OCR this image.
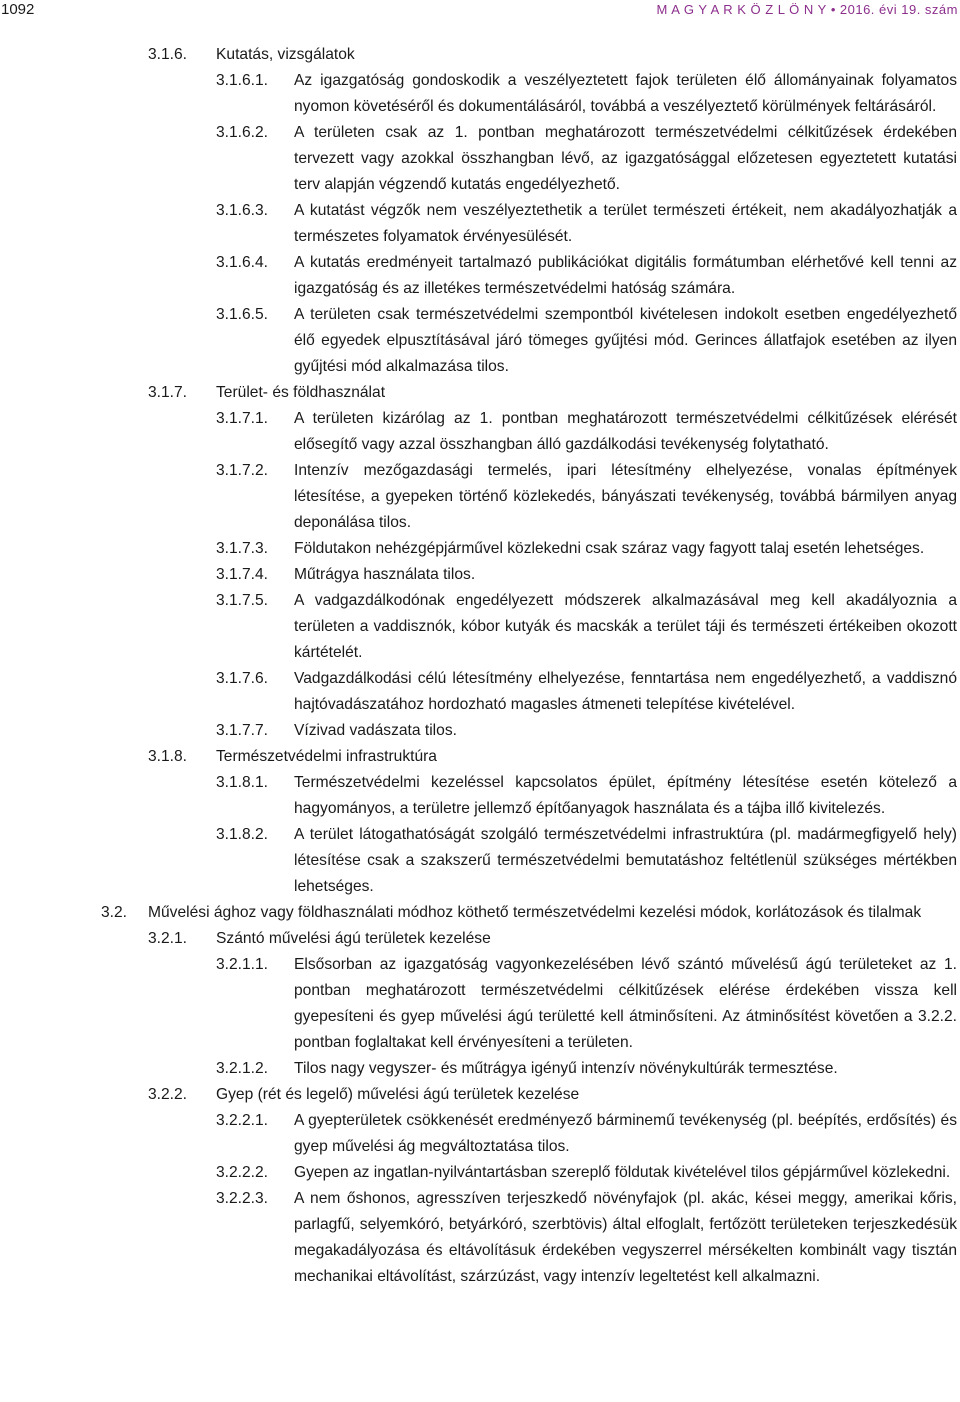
1092	M A G Y A R K Ö Z L Ö N Y • 2016. évi 19. szám
3.1.6. Kutatás, vizsgálatok
3.1.6.1. Az igazgatóság gondoskodik a veszélyeztetett fajok területen élő állományainak folyamatos nyomon követéséről és dokumentálásáról, továbbá a veszélyeztető körülmények feltárásáról.
3.1.6.2. A területen csak az 1. pontban meghatározott természetvédelmi célkitűzések érdekében tervezett vagy azokkal összhangban lévő, az igazgatósággal előzetesen egyeztetett kutatási terv alapján végzendő kutatás engedélyezhető.
3.1.6.3. A kutatást végzők nem veszélyeztethetik a terület természeti értékeit, nem akadályozhatják a természetes folyamatok érvényesülését.
3.1.6.4. A kutatás eredményeit tartalmazó publikációkat digitális formátumban elérhetővé kell tenni az igazgatóság és az illetékes természetvédelmi hatóság számára.
3.1.6.5. A területen csak természetvédelmi szempontból kivételesen indokolt esetben engedélyezhető élő egyedek elpusztításával járó tömeges gyűjtési mód. Gerinces állatfajok esetében az ilyen gyűjtési mód alkalmazása tilos.
3.1.7. Terület- és földhasználat
3.1.7.1. A területen kizárólag az 1. pontban meghatározott természetvédelmi célkitűzések elérését elősegítő vagy azzal összhangban álló gazdálkodási tevékenység folytatható.
3.1.7.2. Intenzív mezőgazdasági termelés, ipari létesítmény elhelyezése, vonalas építmények létesítése, a gyepeken történő közlekedés, bányászati tevékenység, továbbá bármilyen anyag deponálása tilos.
3.1.7.3. Földutakon nehézgépjárművel közlekedni csak száraz vagy fagyott talaj esetén lehetséges.
3.1.7.4. Műtrágya használata tilos.
3.1.7.5. A vadgazdálkodónak engedélyezett módszerek alkalmazásával meg kell akadályoznia a területen a vaddisznók, kóbor kutyák és macskák a terület táji és természeti értékeiben okozott kártételét.
3.1.7.6. Vadgazdálkodási célú létesítmény elhelyezése, fenntartása nem engedélyezhető, a vaddisznó hajtóvadászatához hordozható magasles átmeneti telepítése kivételével.
3.1.7.7. Vízivad vadászata tilos.
3.1.8. Természetvédelmi infrastruktúra
3.1.8.1. Természetvédelmi kezeléssel kapcsolatos épület, építmény létesítése esetén kötelező a hagyományos, a területre jellemző építőanyagok használata és a tájba illő kivitelezés.
3.1.8.2. A terület látogathatóságát szolgáló természetvédelmi infrastruktúra (pl. madármegfigyelő hely) létesítése csak a szakszerű természetvédelmi bemutatáshoz feltétlenül szükséges mértékben lehetséges.
3.2. Művelési ághoz vagy földhasználati módhoz köthető természetvédelmi kezelési módok, korlátozások és tilalmak
3.2.1. Szántó művelési ágú területek kezelése
3.2.1.1. Elsősorban az igazgatóság vagyonkezelésében lévő szántó művelésű ágú területeket az 1. pontban meghatározott természetvédelmi célkitűzések elérése érdekében vissza kell gyepesíteni és gyep művelési ágú területté kell átminősíteni. Az átminősítést követően a 3.2.2. pontban foglaltakat kell érvényesíteni a területen.
3.2.1.2. Tilos nagy vegyszer- és műtrágya igényű intenzív növénykultúrák termesztése.
3.2.2. Gyep (rét és legelő) művelési ágú területek kezelése
3.2.2.1. A gyepterületek csökkenését eredményező bárminemű tevékenység (pl. beépítés, erdősítés) és gyep művelési ág megváltoztatása tilos.
3.2.2.2. Gyepen az ingatlan-nyilvántartásban szereplő földutak kivételével tilos gépjárművel közlekedni.
3.2.2.3. A nem őshonos, agresszíven terjeszkedő növényfajok (pl. akác, kései meggy, amerikai kőris, parlagfű, selyemkóró, betyárkóró, szerbtövis) által elfoglalt, fertőzött területeken terjeszkedésük megakadályozása és eltávolításuk érdekében vegyszerrel mérsékelten kombinált vagy tisztán mechanikai eltávolítást, szárzúzást, vagy intenzív legeltetést kell alkalmazni.
